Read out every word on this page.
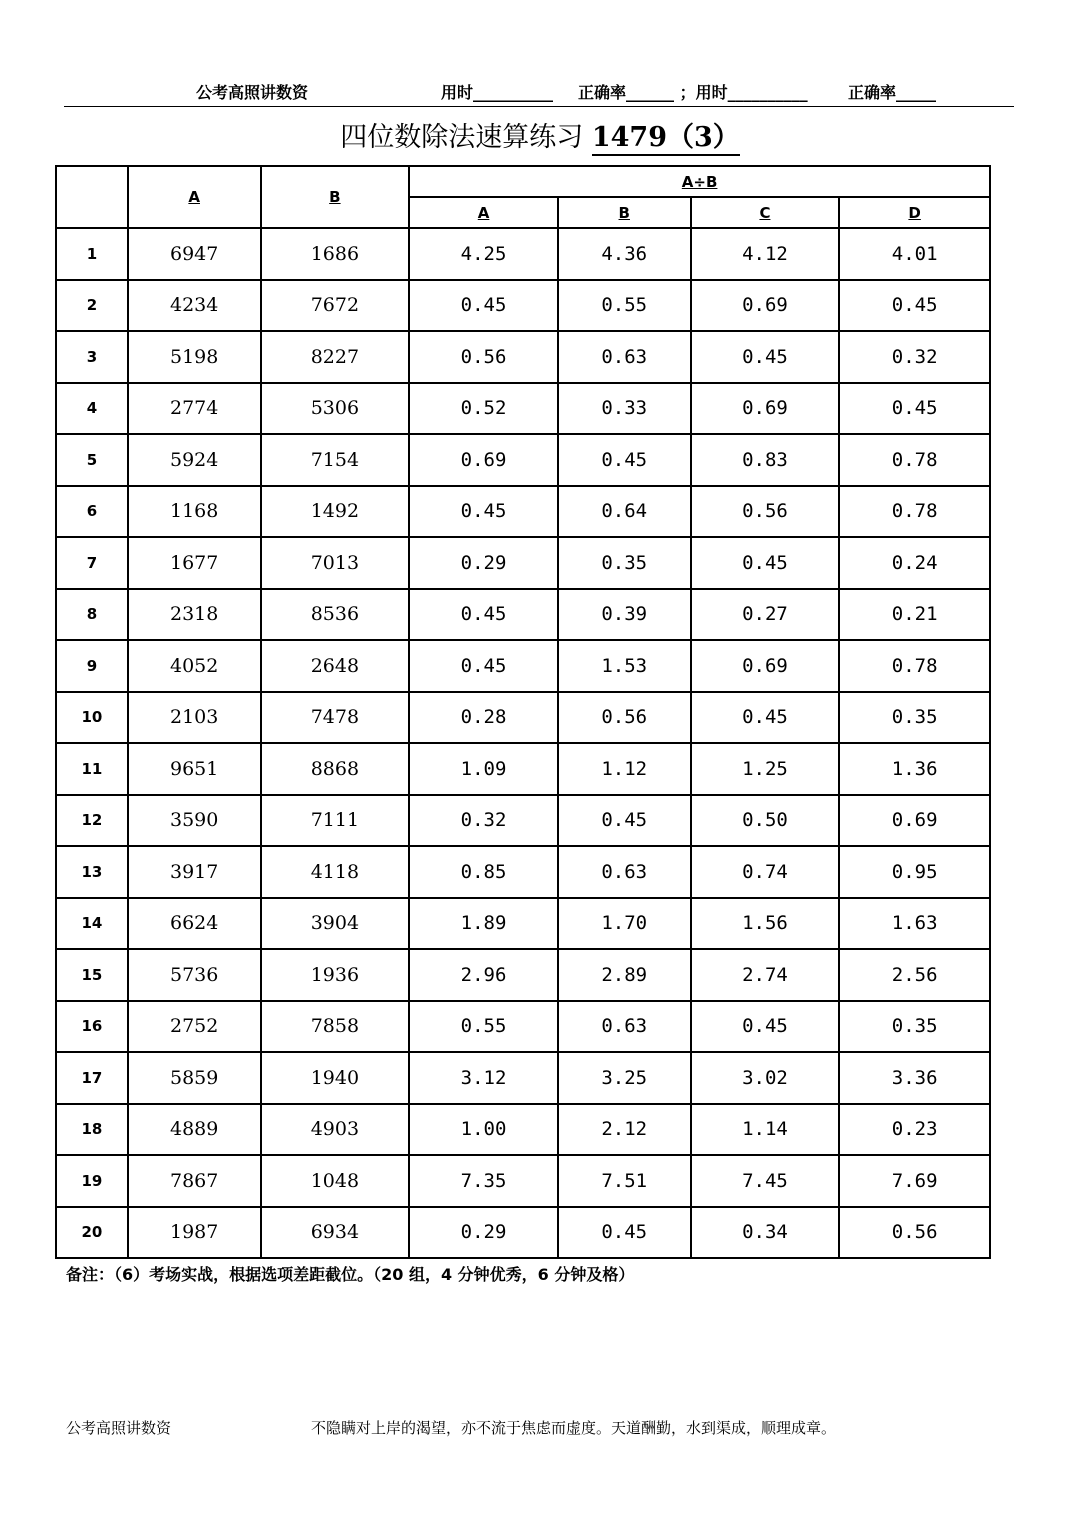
公考高照讲数资	用时__________ 正确率______ ；用时__________	正确率_____
四位数除法速算练习 1479（3）
	A	B	A÷B			
			A	B	C	D
1	6947	1686	4.25	4.36	4.12	4.01
2	4234	7672	0.45	0.55	0.69	0.45
3	5198	8227	0.56	0.63	0.45	0.32
4	2774	5306	0.52	0.33	0.69	0.45
5	5924	7154	0.69	0.45	0.83	0.78
6	1168	1492	0.45	0.64	0.56	0.78
7	1677	7013	0.29	0.35	0.45	0.24
8	2318	8536	0.45	0.39	0.27	0.21
9	4052	2648	0.45	1.53	0.69	0.78
10	2103	7478	0.28	0.56	0.45	0.35
11	9651	8868	1.09	1.12	1.25	1.36
12	3590	7111	0.32	0.45	0.50	0.69
13	3917	4118	0.85	0.63	0.74	0.95
14	6624	3904	1.89	1.70	1.56	1.63
15	5736	1936	2.96	2.89	2.74	2.56
16	2752	7858	0.55	0.63	0.45	0.35
17	5859	1940	3.12	3.25	3.02	3.36
18	4889	4903	1.00	2.12	1.14	0.23
19	7867	1048	7.35	7.51	7.45	7.69
20	1987	6934	0.29	0.45	0.34	0.56
备注：（6）考场实战，根据选项差距截位。（20 组，4 分钟优秀，6 分钟及格）
公考高照讲数资	不隐瞒对上岸的渴望，亦不流于焦虑而虚度。天道酬勤，水到渠成，顺理成章。
